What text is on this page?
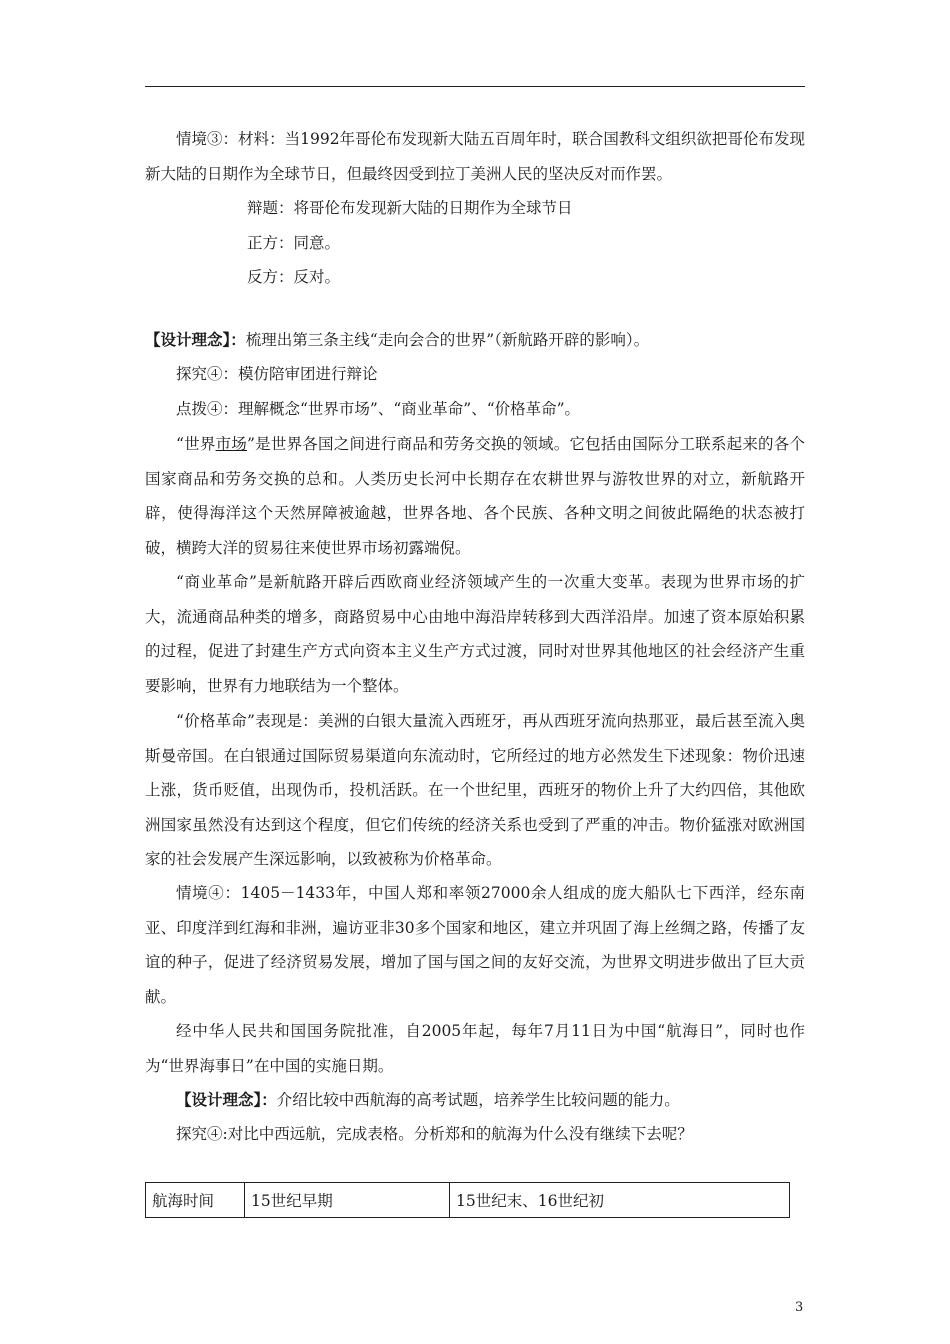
情境③：材料：当1992年哥伦布发现新大陆五百周年时，联合国教科文组织欲把哥伦布发现新大陆的日期作为全球节日，但最终因受到拉丁美洲人民的坚决反对而作罢。

辩题：将哥伦布发现新大陆的日期作为全球节日

正方：同意。

反方：反对。

【设计理念】：梳理出第三条主线“走向会合的世界”（新航路开辟的影响）。

探究④：模仿陪审团进行辩论

点拨④：理解概念“世界市场”、“商业革命”、“价格革命”。

“世界市场”是世界各国之间进行商品和劳务交换的领域。它包括由国际分工联系起来的各个国家商品和劳务交换的总和。人类历史长河中长期存在农耕世界与游牧世界的对立，新航路开辟，使得海洋这个天然屏障被逾越，世界各地、各个民族、各种文明之间彼此隔绝的状态被打破，横跨大洋的贸易往来使世界市场初露端倪。

“商业革命”是新航路开辟后西欧商业经济领域产生的一次重大变革。表现为世界市场的扩大，流通商品种类的增多，商路贸易中心由地中海沿岸转移到大西洋沿岸。加速了资本原始积累的过程，促进了封建生产方式向资本主义生产方式过渡，同时对世界其他地区的社会经济产生重要影响，世界有力地联结为一个整体。

“价格革命”表现是：美洲的白银大量流入西班牙，再从西班牙流向热那亚，最后甚至流入奥斯曼帝国。在白银通过国际贸易渠道向东流动时，它所经过的地方必然发生下述现象：物价迅速上涨，货币贬值，出现伪币，投机活跃。在一个世纪里，西班牙的物价上升了大约四倍，其他欧洲国家虽然没有达到这个程度，但它们传统的经济关系也受到了严重的冲击。物价猛涨对欧洲国家的社会发展产生深远影响，以致被称为价格革命。

情境④：1405－1433年，中国人郑和率领27000余人组成的庞大船队七下西洋，经东南亚、印度洋到红海和非洲，遍访亚非30多个国家和地区，建立并巩固了海上丝绸之路，传播了友谊的种子，促进了经济贸易发展，增加了国与国之间的友好交流，为世界文明进步做出了巨大贡献。

经中华人民共和国国务院批准，自2005年起，每年7月11日为中国“航海日”，同时也作为“世界海事日”在中国的实施日期。

【设计理念】：介绍比较中西航海的高考试题，培养学生比较问题的能力。

探究④:对比中西远航，完成表格。分析郑和的航海为什么没有继续下去呢？

航海时间	15世纪早期	15世纪末、16世纪初
3
